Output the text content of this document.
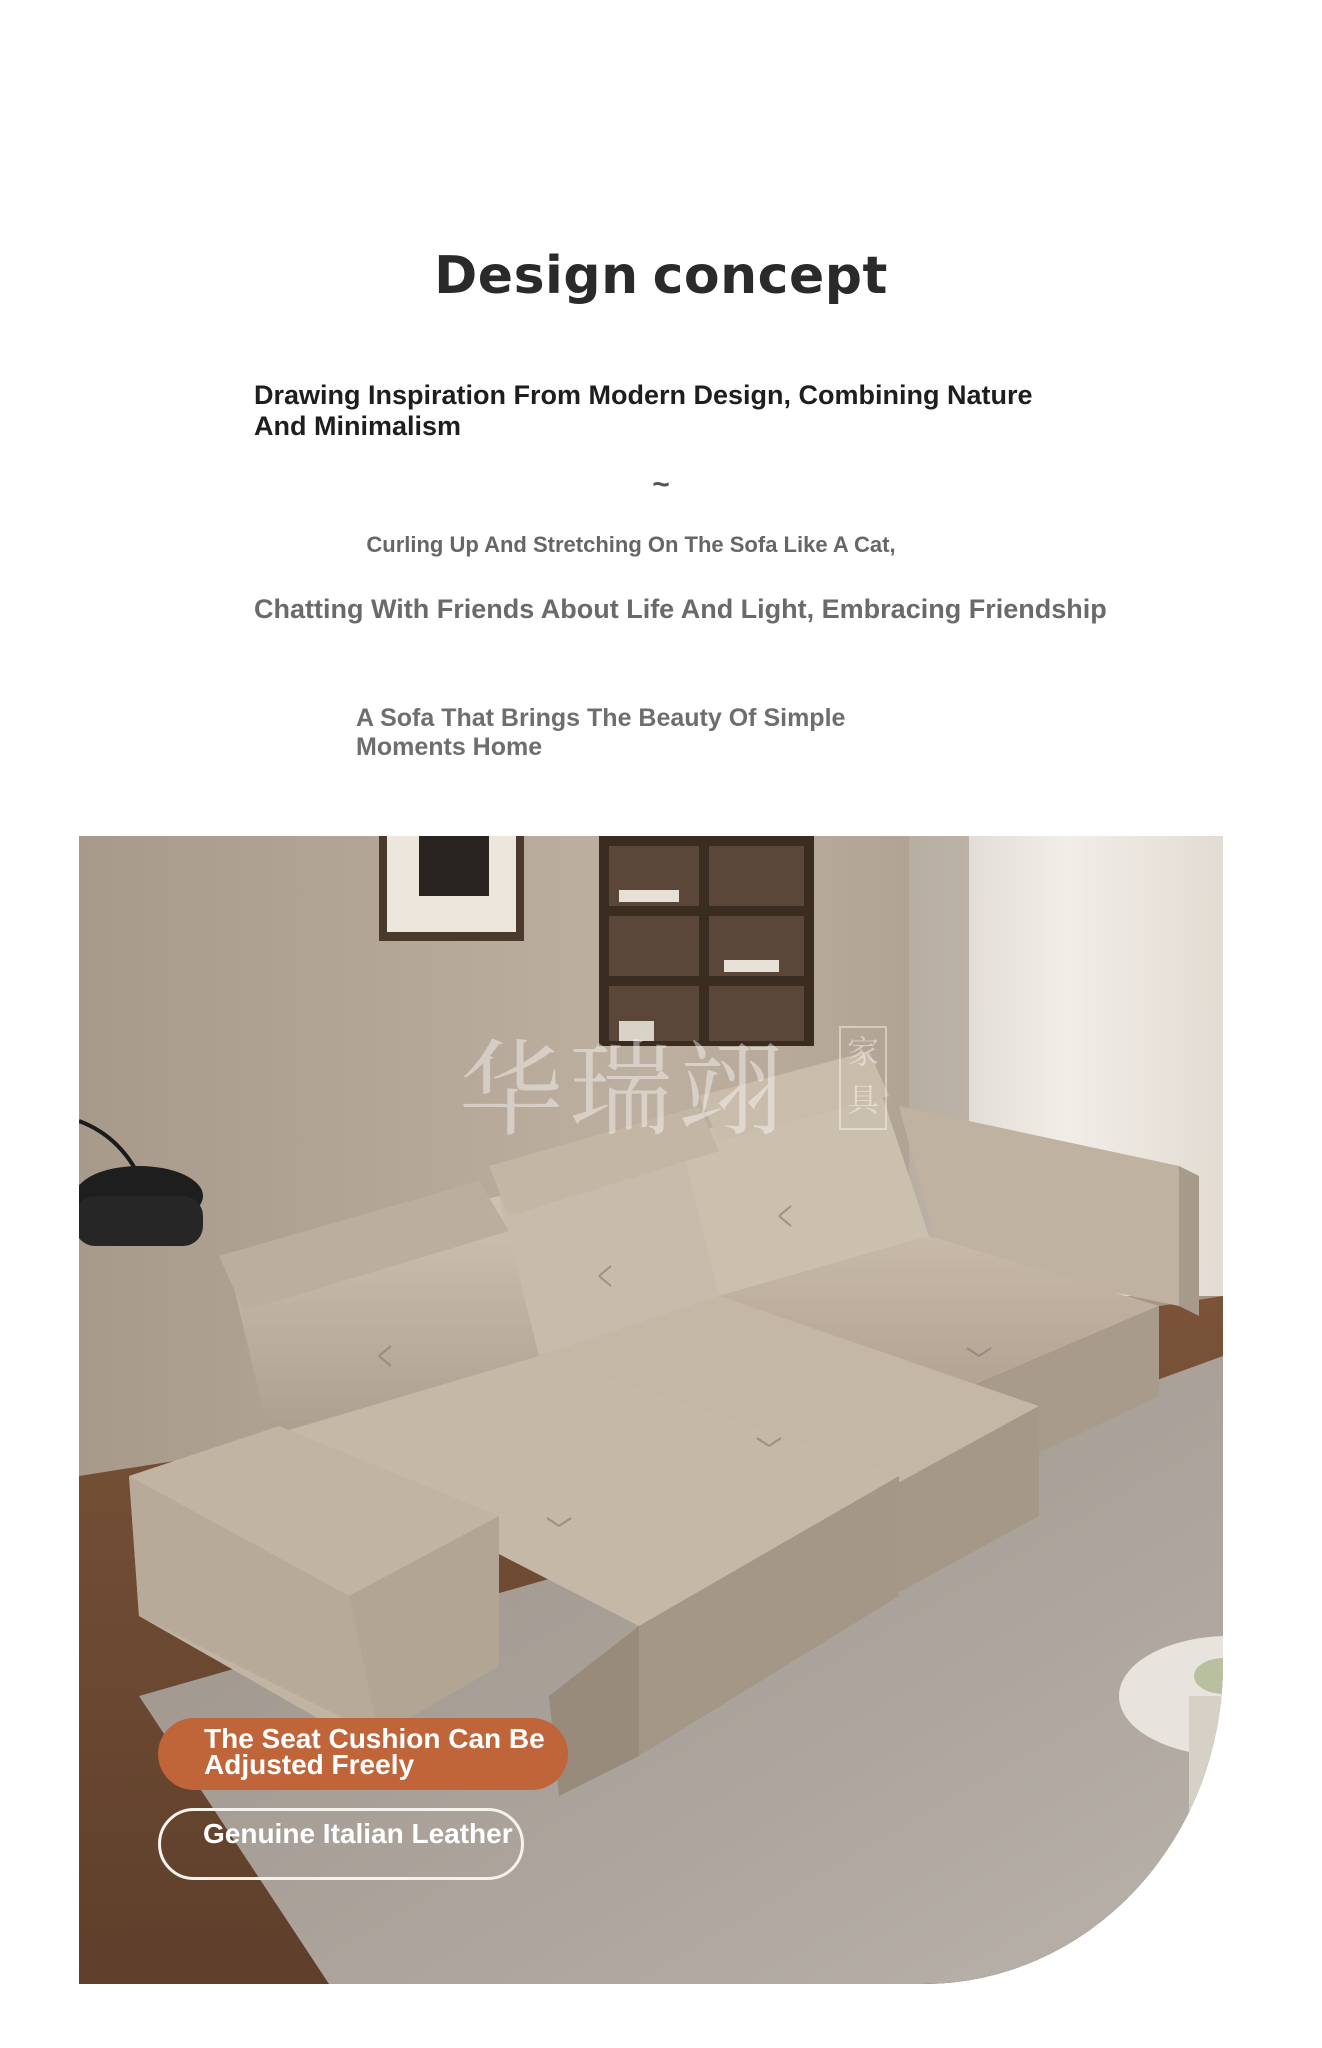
Design concept

Drawing Inspiration From Modern Design, Combining Nature And Minimalism

~

Curling Up And Stretching On The Sofa Like A Cat,

Chatting With Friends About Life And Light, Embracing Friendship

A Sofa That Brings The Beauty Of Simple Moments Home

华瑞翊 家具
The Seat Cushion Can Be Adjusted Freely
Genuine Italian Leather
